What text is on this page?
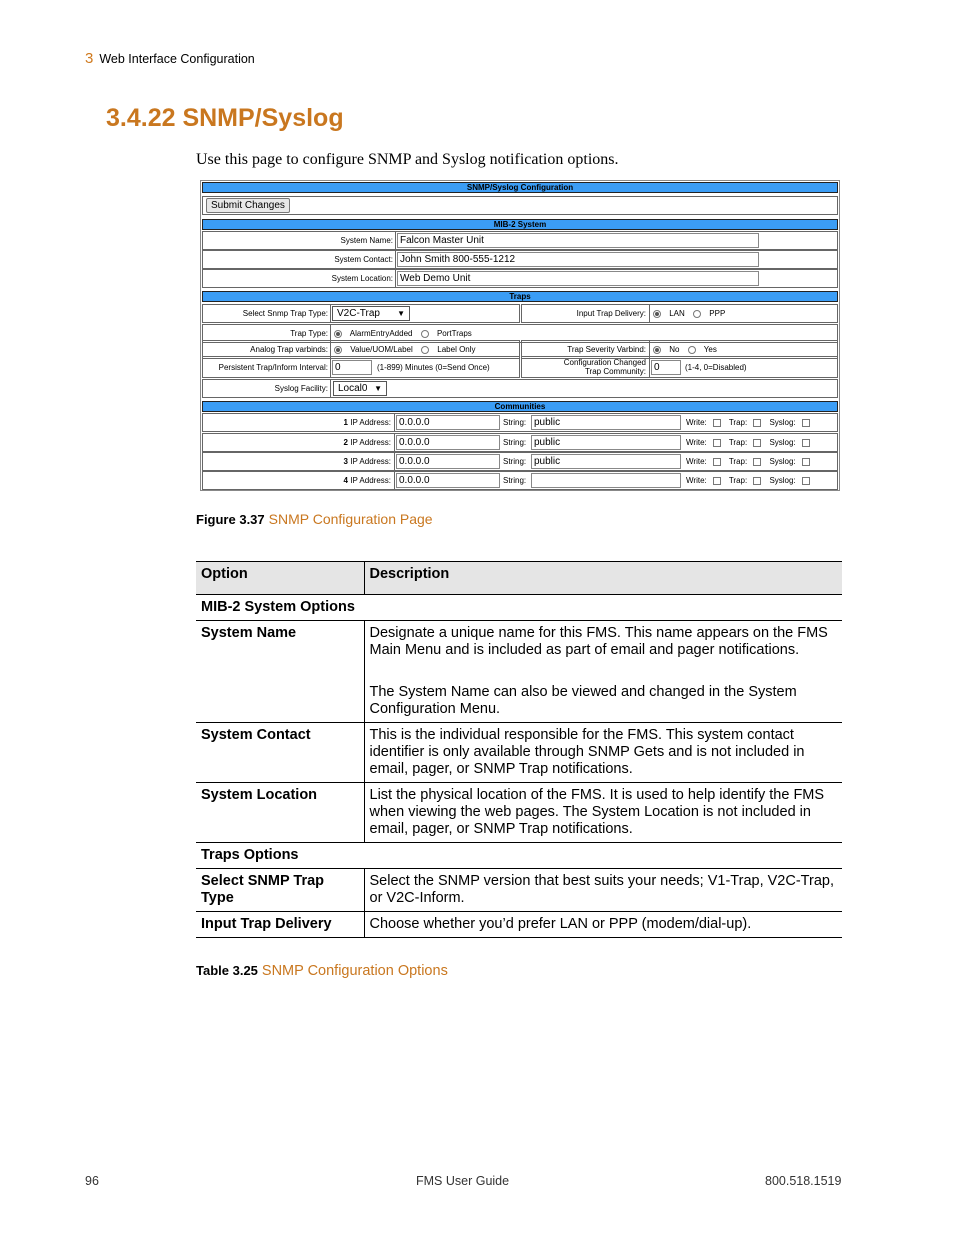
3 Web Interface Configuration
3.4.22 SNMP/Syslog
Use this page to configure SNMP and Syslog notification options.
SNMP/Syslog Configuration
Submit Changes
MIB-2 System
System Name: Falcon Master Unit
System Contact: John Smith 800-555-1212
System Location: Web Demo Unit
Traps
Select Snmp Trap Type: V2C-Trap ▼	Input Trap Delivery:	LAN	PPP
Trap Type:	AlarmEntryAdded	PortTraps
Analog Trap varbinds:	Value/UOM/Label	Label Only	Trap Severity Varbind:	No	Yes
Persistent Trap/Inform Interval: 0	(1-899) Minutes (0=Send Once)
Configuration Changed
Trap Community: 0	(1-4, 0=Disabled)
Syslog Facility:	Local0 ▼
Communities
1 IP Address: 0.0.0.0	String: public	Write:	Trap:	Syslog:
2 IP Address: 0.0.0.0	String: public	Write:	Trap:	Syslog:
3 IP Address: 0.0.0.0	String: public	Write:	Trap:	Syslog:
4 IP Address: 0.0.0.0	String:	Write:	Trap:	Syslog:
Figure 3.37 SNMP Configuration Page
Option	Description
MIB-2 System Options	
System Name	Designate a unique name for this FMS. This name appears on the FMS Main Menu and is included as part of email and pager notifications.
The System Name can also be viewed and changed in the System Configuration Menu.

System Contact	This is the individual responsible for the FMS. This system contact identifier is only available through SNMP Gets and is not included in email, pager, or SNMP Trap notifications.
System Location	List the physical location of the FMS. It is used to help identify the FMS when viewing the web pages. The System Location is not included in email, pager, or SNMP Trap notifications.
Traps Options	
Select SNMP Trap Type	Select the SNMP version that best suits your needs; V1-Trap, V2C-Trap, or V2C-Inform.
Input Trap Delivery	Choose whether you’d prefer LAN or PPP (modem/dial-up).
Table 3.25 SNMP Configuration Options
96	FMS User Guide	800.518.1519
